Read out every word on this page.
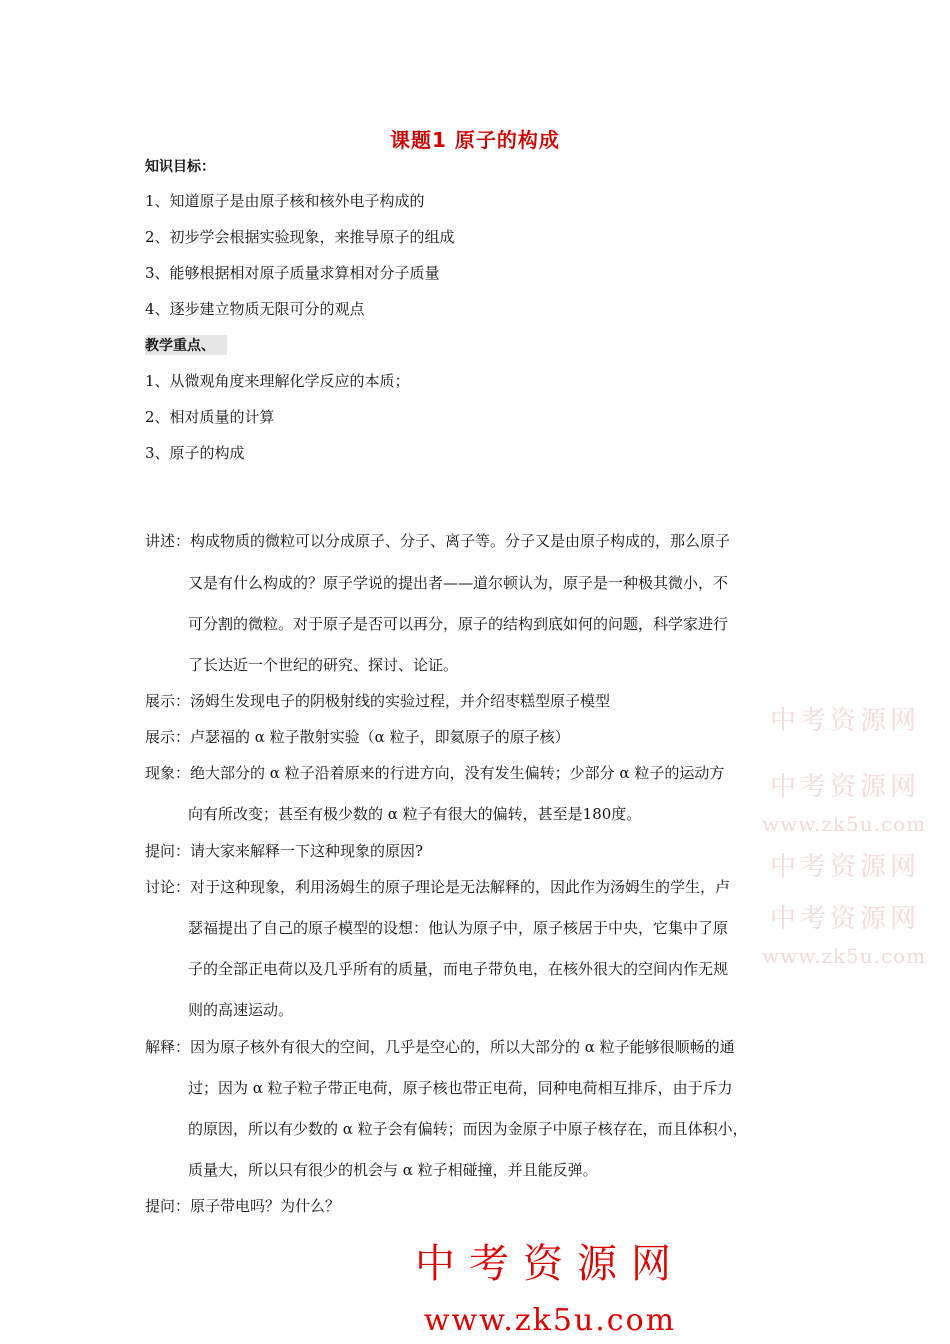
课题1 原子的构成
知识目标：
1、知道原子是由原子核和核外电子构成的
2、初步学会根据实验现象，来推导原子的组成
3、能够根据相对原子质量求算相对分子质量
4、逐步建立物质无限可分的观点
教学重点、
1、从微观角度来理解化学反应的本质；
2、相对质量的计算
3、原子的构成
讲述：构成物质的微粒可以分成原子、分子、离子等。分子又是由原子构成的，那么原子
又是有什么构成的？原子学说的提出者——道尔顿认为，原子是一种极其微小，不
可分割的微粒。对于原子是否可以再分，原子的结构到底如何的问题，科学家进行
了长达近一个世纪的研究、探讨、论证。
展示：汤姆生发现电子的阴极射线的实验过程，并介绍枣糕型原子模型
展示：卢瑟福的 α 粒子散射实验（α 粒子，即氦原子的原子核）
现象：绝大部分的 α 粒子沿着原来的行进方向，没有发生偏转；少部分 α 粒子的运动方
向有所改变；甚至有极少数的 α 粒子有很大的偏转，甚至是180度。
提问：请大家来解释一下这种现象的原因?
讨论：对于这种现象，利用汤姆生的原子理论是无法解释的，因此作为汤姆生的学生，卢
瑟福提出了自己的原子模型的设想：他认为原子中，原子核居于中央，它集中了原
子的全部正电荷以及几乎所有的质量，而电子带负电，在核外很大的空间内作无规
则的高速运动。
解释：因为原子核外有很大的空间，几乎是空心的，所以大部分的 α 粒子能够很顺畅的通
过；因为 α 粒子粒子带正电荷，原子核也带正电荷，同种电荷相互排斥，由于斥力
的原因，所以有少数的 α 粒子会有偏转；而因为金原子中原子核存在，而且体积小，
质量大，所以只有很少的机会与 α 粒子相碰撞，并且能反弹。
提问：原子带电吗？为什么？
中考资源网
中考资源网
www.zk5u.com
中考资源网
中考资源网
www.zk5u.com
中考资源网
www.zk5u.com
